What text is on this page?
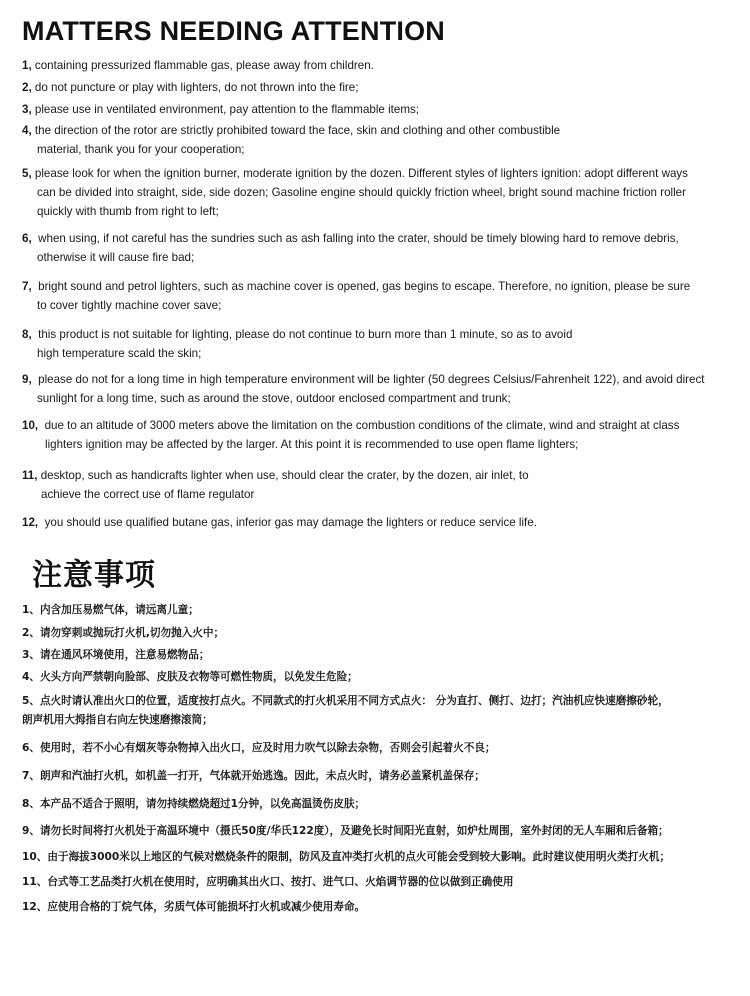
MATTERS NEEDING ATTENTION
1, containing pressurized flammable gas, please away from children.
2, do not puncture or play with lighters, do not thrown into the fire;
3, please use in ventilated environment, pay attention to the flammable items;
4, the direction of the rotor are strictly prohibited toward the face, skin and clothing and other combustible
material, thank you for your cooperation;
5, please look for when the ignition burner, moderate ignition by the dozen. Different styles of lighters ignition: adopt different ways
can be divided into straight, side, side dozen; Gasoline engine should quickly friction wheel, bright sound machine friction roller
quickly with thumb from right to left;
6, when using, if not careful has the sundries such as ash falling into the crater, should be timely blowing hard to remove debris,
otherwise it will cause fire bad;
7, bright sound and petrol lighters, such as machine cover is opened, gas begins to escape. Therefore, no ignition, please be sure
to cover tightly machine cover save;
8, this product is not suitable for lighting, please do not continue to burn more than 1 minute, so as to avoid
high temperature scald the skin;
9, please do not for a long time in high temperature environment will be lighter (50 degrees Celsius/Fahrenheit 122), and avoid direct
sunlight for a long time, such as around the stove, outdoor enclosed compartment and trunk;
10, due to an altitude of 3000 meters above the limitation on the combustion conditions of the climate, wind and straight at class
lighters ignition may be affected by the larger. At this point it is recommended to use open flame lighters;
11, desktop, such as handicrafts lighter when use, should clear the crater, by the dozen, air inlet, to
achieve the correct use of flame regulator
12, you should use qualified butane gas, inferior gas may damage the lighters or reduce service life.
注意事项
1、内含加压易燃气体，请远离儿童；
2、请勿穿刺或抛玩打火机,切勿抛入火中；
3、请在通风环境使用，注意易燃物品；
4、火头方向严禁朝向脸部、皮肤及衣物等可燃性物质，以免发生危险；
5、点火时请认准出火口的位置，适度按打点火。不同款式的打火机采用不同方式点火： 分为直打、侧打、边打；汽油机应快速磨擦砂轮，
朗声机用大拇指自右向左快速磨擦滚筒；
6、使用时，若不小心有烟灰等杂物掉入出火口，应及时用力吹气以除去杂物，否则会引起着火不良；
7、朗声和汽油打火机，如机盖一打开，气体就开始逃逸。因此，未点火时，请务必盖紧机盖保存；
8、本产品不适合于照明，请勿持续燃烧超过1分钟，以免高温烫伤皮肤；
9、请勿长时间将打火机处于高温环境中（摄氏50度/华氏122度），及避免长时间阳光直射，如炉灶周围，室外封闭的无人车厢和后备箱；
10、由于海拔3000米以上地区的气候对燃烧条件的限制，防风及直冲类打火机的点火可能会受到较大影响。此时建议使用明火类打火机；
11、台式等工艺品类打火机在使用时，应明确其出火口、按打、进气口、火焰调节器的位以做到正确使用
12、应使用合格的丁烷气体，劣质气体可能损坏打火机或减少使用寿命。
